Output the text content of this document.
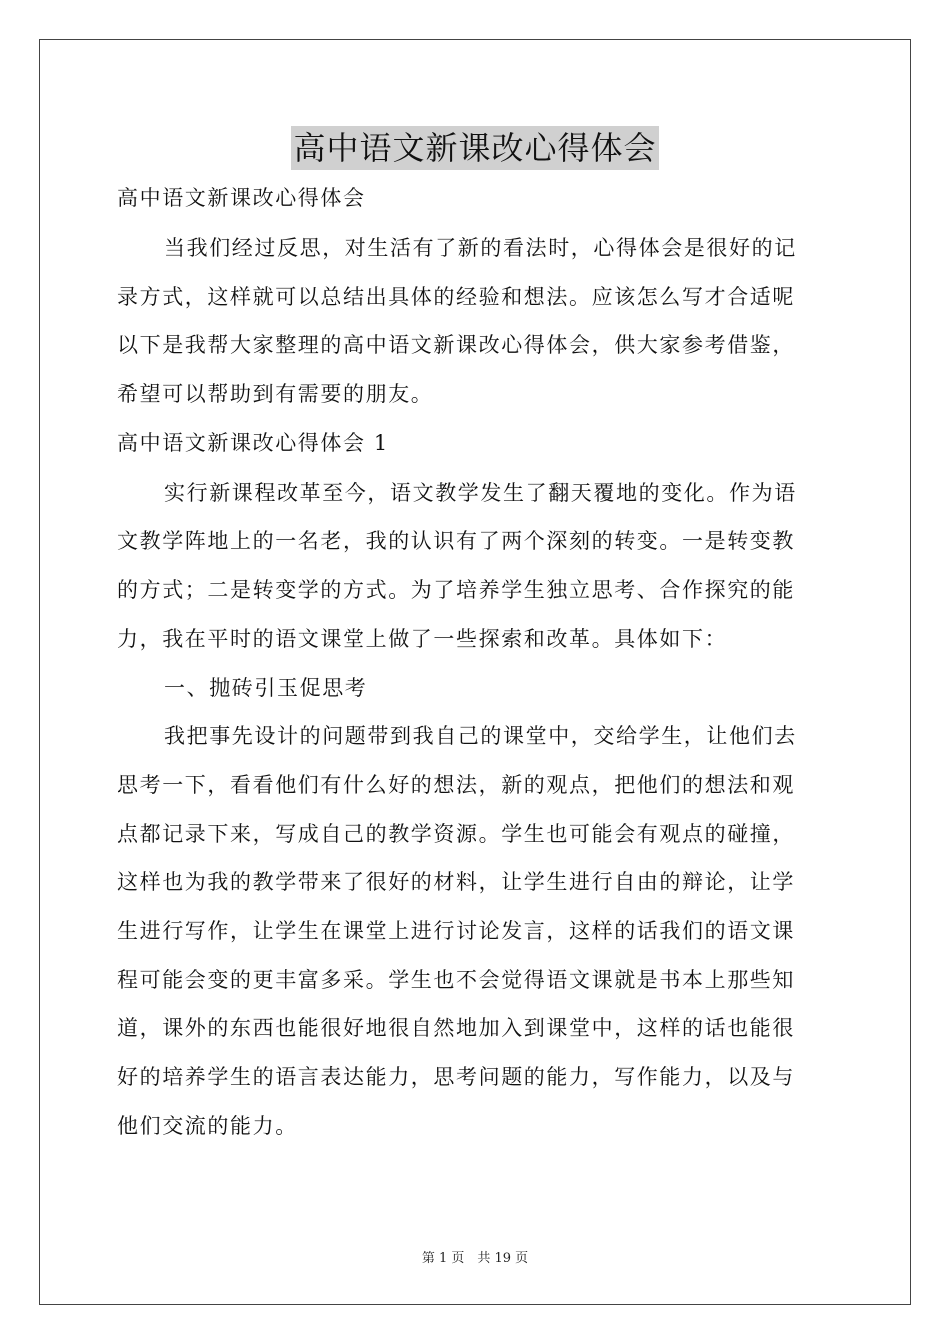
高中语文新课改心得体会
高中语文新课改心得体会
当我们经过反思，对生活有了新的看法时，心得体会是很好的记
录方式，这样就可以总结出具体的经验和想法。应该怎么写才合适呢
以下是我帮大家整理的高中语文新课改心得体会，供大家参考借鉴，
希望可以帮助到有需要的朋友。
高中语文新课改心得体会 1
实行新课程改革至今，语文教学发生了翻天覆地的变化。作为语
文教学阵地上的一名老，我的认识有了两个深刻的转变。一是转变教
的方式；二是转变学的方式。为了培养学生独立思考、合作探究的能
力，我在平时的语文课堂上做了一些探索和改革。具体如下：
一、抛砖引玉促思考
我把事先设计的问题带到我自己的课堂中，交给学生，让他们去
思考一下，看看他们有什么好的想法，新的观点，把他们的想法和观
点都记录下来，写成自己的教学资源。学生也可能会有观点的碰撞，
这样也为我的教学带来了很好的材料，让学生进行自由的辩论，让学
生进行写作，让学生在课堂上进行讨论发言，这样的话我们的语文课
程可能会变的更丰富多采。学生也不会觉得语文课就是书本上那些知
道，课外的东西也能很好地很自然地加入到课堂中，这样的话也能很
好的培养学生的语言表达能力，思考问题的能力，写作能力，以及与
他们交流的能力。
第 1 页　共 19 页
